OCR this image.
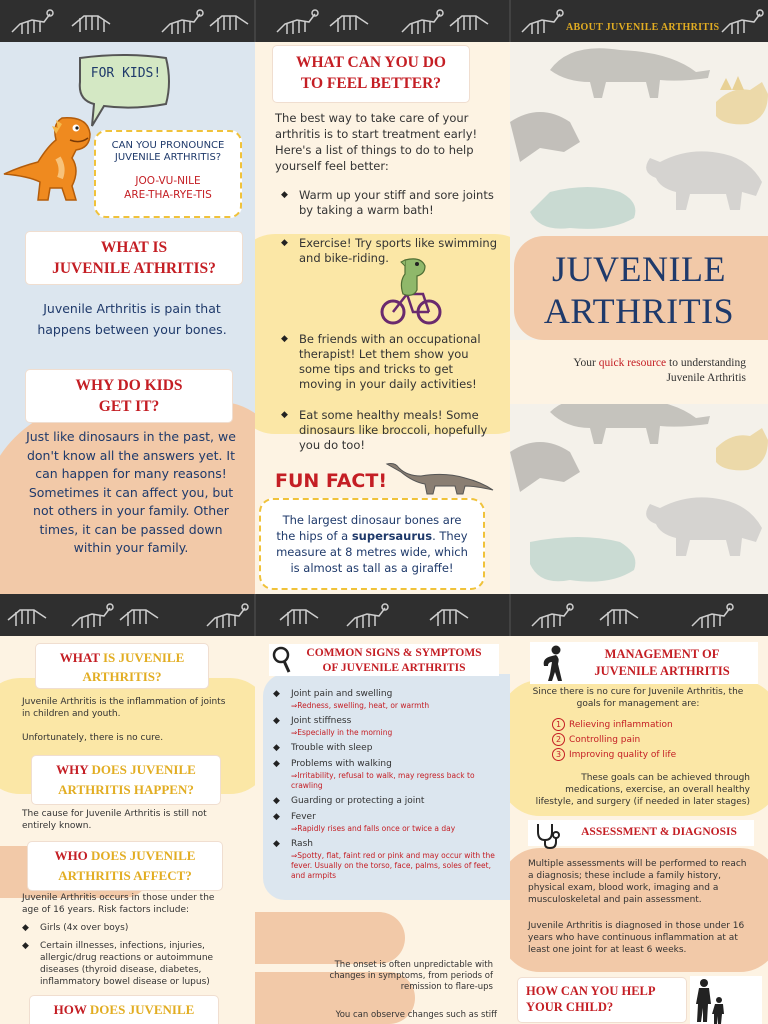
ABOUT JUVENILE ARTHRITIS
FOR KIDS!
CAN YOU PRONOUNCE
JUVENILE ARTHRITIS?
JOO-VU-NILE
ARE-THA-RYE-TIS
WHAT IS
JUVENILE ATHRITIS?
Juvenile Arthritis is pain that happens between your bones.
WHY DO KIDS
GET IT?
Just like dinosaurs in the past, we don't know all the answers yet. It can happen for many reasons! Sometimes it can affect you, but not others in your family. Other times, it can be passed down within your family.
WHAT CAN YOU DO
TO FEEL BETTER?
The best way to take care of your arthritis is to start treatment early! Here's a list of things to do to help yourself feel better:
◆ Warm up your stiff and sore joints by taking a warm bath!
◆ Exercise! Try sports like swimming and bike-riding.
◆ Be friends with an occupational therapist! Let them show you some tips and tricks to get moving in your daily activities!
◆ Eat some healthy meals! Some dinosaurs like broccoli, hopefully you do too!
FUN FACT!
The largest dinosaur bones are the hips of a supersaurus. They measure at 8 metres wide, which is almost as tall as a giraffe!
JUVENILE
ARTHRITIS
Your quick resource to understanding
Juvenile Arthritis
WHAT IS JUVENILE
ARTHRITIS?
Juvenile Arthritis is the inflammation of joints in children and youth.
Unfortunately, there is no cure.
WHY DOES JUVENILE
ARTHRITIS HAPPEN?
The cause for Juvenile Arthritis is still not entirely known.
WHO DOES JUVENILE
ARTHRITIS AFFECT?
Juvenile Arthritis occurs in those under the age of 16 years. Risk factors include:
◆ Girls (4x over boys)
◆ Certain illnesses, infections, injuries, allergic/drug reactions or autoimmune diseases (thyroid disease, diabetes, inflammatory bowel disease or lupus)
HOW DOES JUVENILE
COMMON SIGNS & SYMPTOMS
OF JUVENILE ARTHRITIS
◆ Joint pain and swelling
⇒Redness, swelling, heat, or warmth
◆ Joint stiffness
⇒Especially in the morning
◆ Trouble with sleep
◆ Problems with walking
⇒Irritability, refusal to walk, may regress back to crawling
◆ Guarding or protecting a joint
◆ Fever
⇒Rapidly rises and falls once or twice a day
◆ Rash
⇒Spotty, flat, faint red or pink and may occur with the fever. Usually on the torso, face, palms, soles of feet, and armpits
The onset is often unpredictable with changes in symptoms, from periods of remission to flare-ups
You can observe changes such as stiff
MANAGEMENT OF
JUVENILE ARTHRITIS
Since there is no cure for Juvenile Arthritis, the goals for management are:
1 Relieving inflammation
2 Controlling pain
3 Improving quality of life
These goals can be achieved through medications, exercise, an overall healthy lifestyle, and surgery (if needed in later stages)
ASSESSMENT & DIAGNOSIS
Multiple assessments will be performed to reach a diagnosis; these include a family history, physical exam, blood work, imaging and a musculoskeletal and pain assessment.
Juvenile Arthritis is diagnosed in those under 16 years who have continuous inflammation at at least one joint for at least 6 weeks.
HOW CAN YOU HELP
YOUR CHILD?
